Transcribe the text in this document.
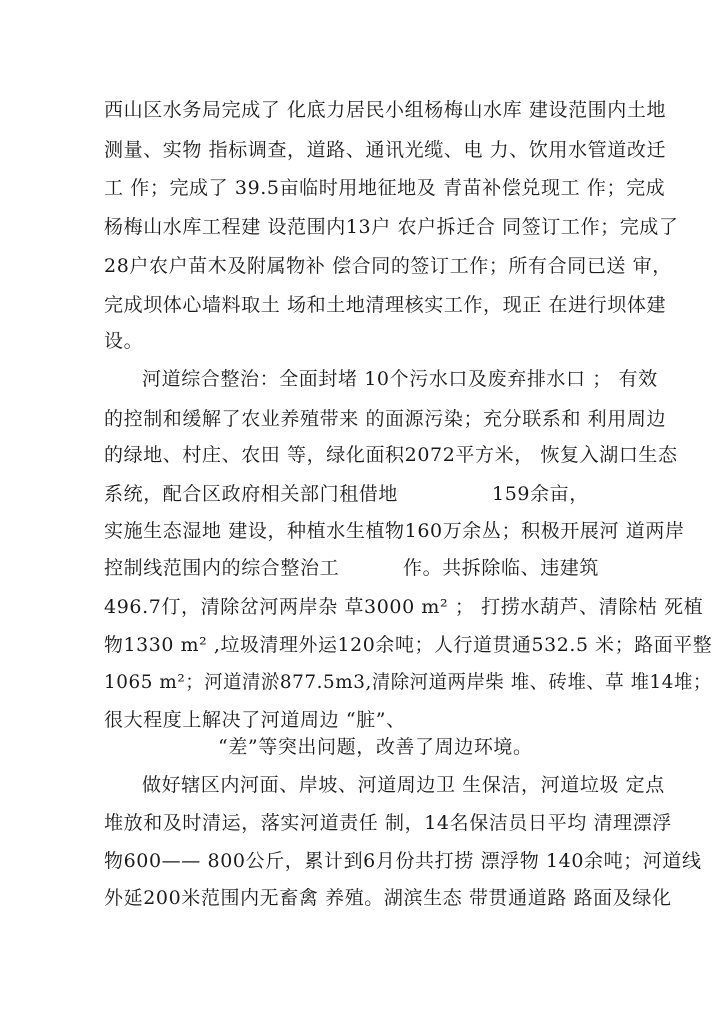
西山区水务局完成了 化底力居民小组杨梅山水库 建设范围内土地
测量、实物 指标调查，道路、通讯光缆、电 力、饮用水管道改迁
工 作；完成了 39.5亩临时用地征地及 青苗补偿兑现工 作；完成
杨梅山水库工程建 设范围内13户 农户拆迁合 同签订工作；完成了
28户农户苗木及附属物补 偿合同的签订工作；所有合同已送 审，
完成坝体心墙料取土 场和土地清理核实工作，现正 在进行坝体建
设。
河道综合整治：全面封堵 10个污水口及废弃排水口 ； 有效
的控制和缓解了农业养殖带来 的面源污染；充分联系和 利用周边
的绿地、村庄、农田 等，绿化面积2072平方米， 恢复入湖口生态
系统，配合区政府相关部门租借地	159余亩，
实施生态湿地 建设，种植水生植物160万余丛；积极开展河 道两岸
控制线范围内的综合整治工	作。共拆除临、违建筑
496.7仃，清除岔河两岸杂 草3000 m² ； 打捞水葫芦、清除枯 死植
物1330 m² ,垃圾清理外运120余吨；人行道贯通532.5 米；路面平整
1065 m²；河道清淤877.5m3,清除河道两岸柴 堆、砖堆、草 堆14堆；
很大程度上解决了河道周边 “脏”、
“差”等突出问题，改善了周边环境。
做好辖区内河面、岸坡、河道周边卫 生保洁，河道垃圾 定点
堆放和及时清运，落实河道责任 制，14名保洁员日平均 清理漂浮
物600—— 800公斤，累计到6月份共打捞 漂浮物 140余吨；河道线
外延200米范围内无畜禽 养殖。湖滨生态 带贯通道路 路面及绿化
